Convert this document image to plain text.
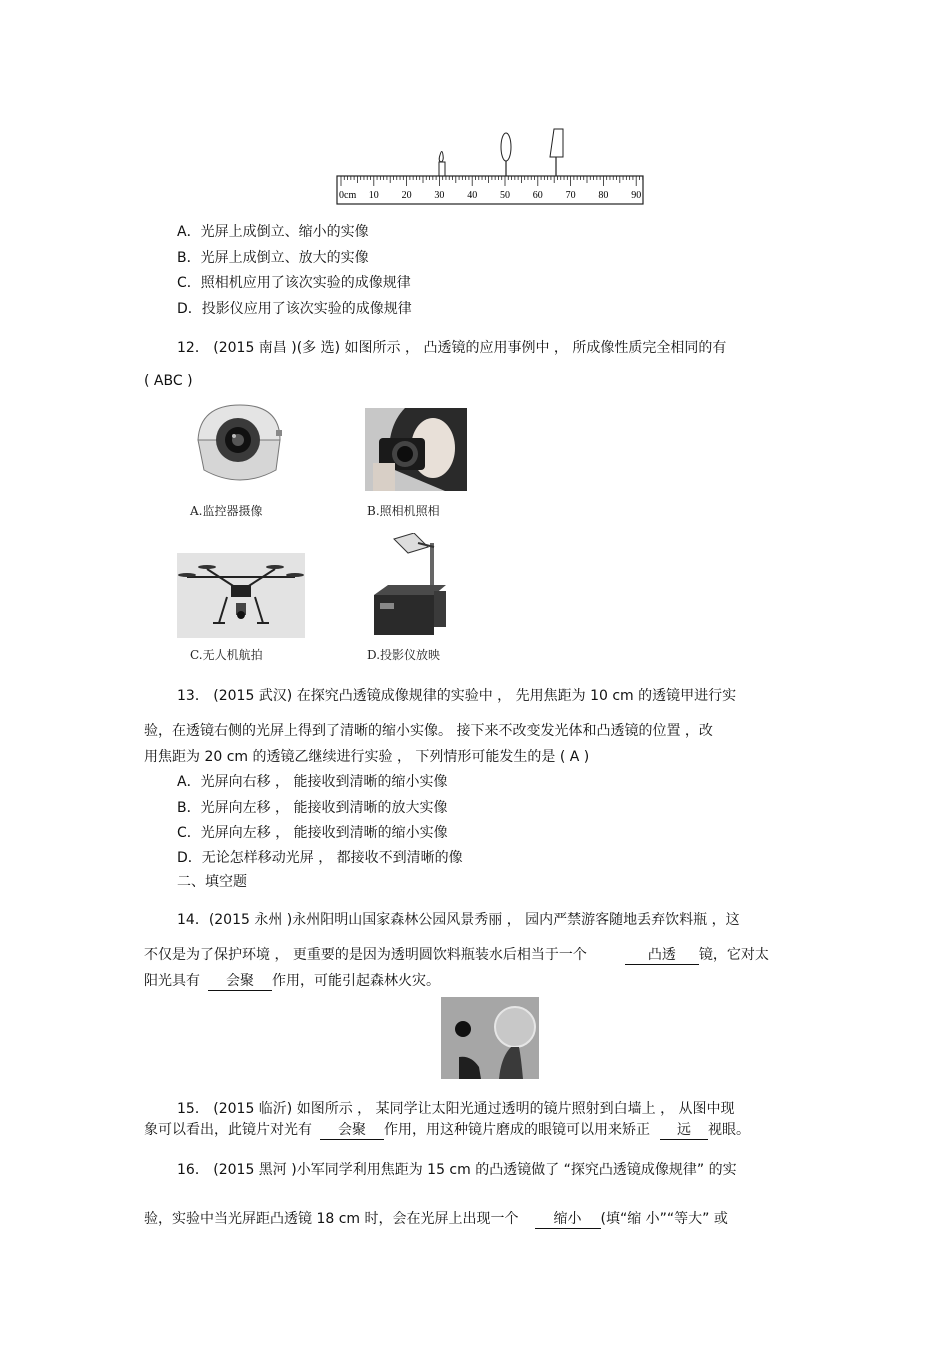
0cm 10 20 30 40 50 60 70 80 90
A．光屏上成倒立、缩小的实像
B．光屏上成倒立、放大的实像
C．照相机应用了该次实验的成像规律
D．投影仪应用了该次实验的成像规律
12． (2015 南昌 )(多 选) 如图所示 ， 凸透镜的应用事例中 ， 所成像性质完全相同的有
( ABC )
A.监控器摄像	B.照相机照相
C.无人机航拍	D.投影仪放映
13． (2015 武汉) 在探究凸透镜成像规律的实验中 ， 先用焦距为 10 cm 的透镜甲进行实
验，在透镜右侧的光屏上得到了清晰的缩小实像。 接下来不改变发光体和凸透镜的位置 ，改
用焦距为 20 cm 的透镜乙继续进行实验 ， 下列情形可能发生的是 ( A )
A．光屏向右移 ， 能接收到清晰的缩小实像
B．光屏向左移 ， 能接收到清晰的放大实像
C．光屏向左移 ， 能接收到清晰的缩小实像
D．无论怎样移动光屏 ， 都接收不到清晰的像
二、填空题
14．(2015 永州 )永州阳明山国家森林公园风景秀丽 ， 园内严禁游客随地丢弃饮料瓶 ，这
不仅是为了保护环境 ， 更重要的是因为透明圆饮料瓶装水后相当于一个	凸透 镜，它对太
阳光具有 会聚 作用，可能引起森林火灾。
15． (2015 临沂) 如图所示 ， 某同学让太阳光通过透明的镜片照射到白墙上 ， 从图中现
象可以看出，此镜片对光有 会聚 作用，用这种镜片磨成的眼镜可以用来矫正 远 视眼。
16． (2015 黑河 )小军同学利用焦距为 15 cm 的凸透镜做了 “探究凸透镜成像规律” 的实
验，实验中当光屏距凸透镜 18 cm 时，会在光屏上出现一个	缩小 (填“缩 小”“等大” 或
